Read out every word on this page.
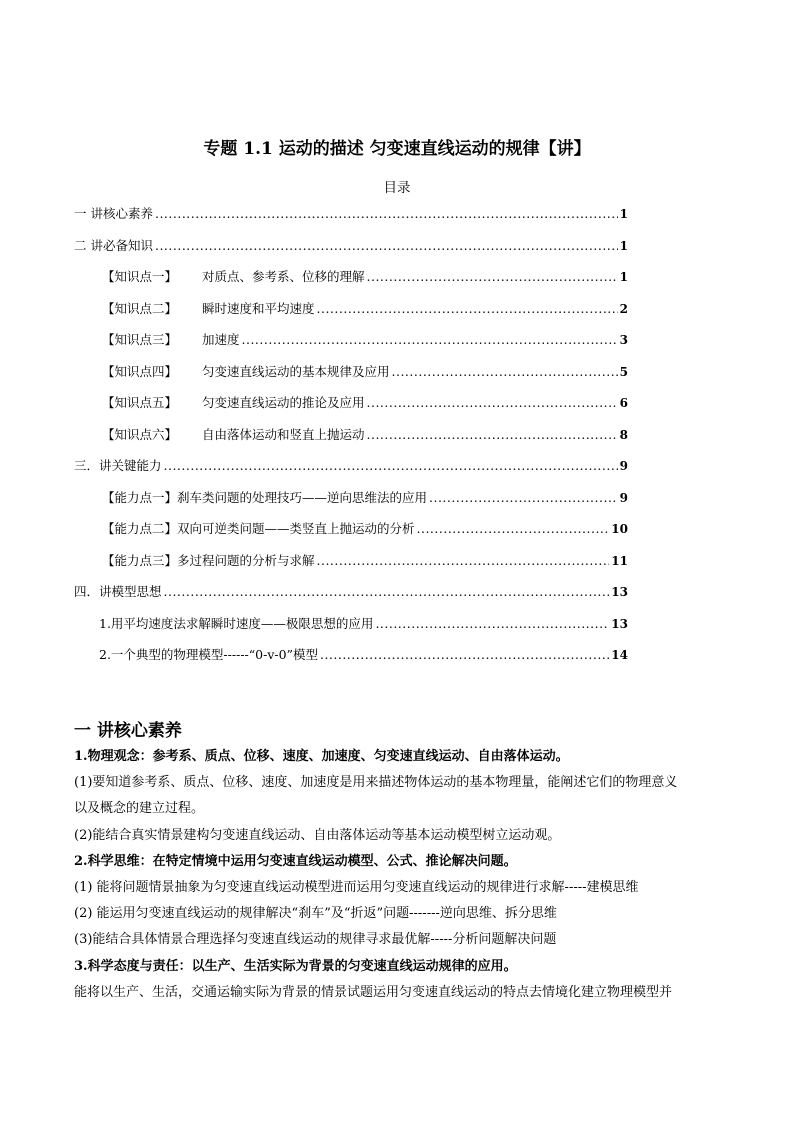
专题 1.1 运动的描述 匀变速直线运动的规律【讲】
目录
一 讲核心素养 .....	1
二 讲必备知识 .....	1
【知识点一】	对质点、参考系、位移的理解 .....	1
【知识点二】	瞬时速度和平均速度 .....	2
【知识点三】	加速度 .....	3
【知识点四】	匀变速直线运动的基本规律及应用 .....	5
【知识点五】	匀变速直线运动的推论及应用 .....	6
【知识点六】	自由落体运动和竖直上抛运动 .....	8
三．讲关键能力 .....	9
【能力点一】刹车类问题的处理技巧——逆向思维法的应用 .....	9
【能力点二】双向可逆类问题——类竖直上抛运动的分析 .....	10
【能力点三】多过程问题的分析与求解 .....	11
四．讲模型思想 .....	13
1.用平均速度法求解瞬时速度——极限思想的应用 .....	13
2.一个典型的物理模型------“0-v-0”模型 .....	14
一 讲核心素养

1.物理观念：参考系、质点、位移、速度、加速度、匀变速直线运动、自由落体运动。

(1)要知道参考系、质点、位移、速度、加速度是用来描述物体运动的基本物理量，能阐述它们的物理意义

以及概念的建立过程。

(2)能结合真实情景建构匀变速直线运动、自由落体运动等基本运动模型树立运动观。

2.科学思维：在特定情境中运用匀变速直线运动模型、公式、推论解决问题。

(1) 能将问题情景抽象为匀变速直线运动模型进而运用匀变速直线运动的规律进行求解-----建模思维

(2) 能运用匀变速直线运动的规律解决“刹车”及“折返”问题-------逆向思维、拆分思维

(3)能结合具体情景合理选择匀变速直线运动的规律寻求最优解-----分析问题解决问题

3.科学态度与责任：以生产、生活实际为背景的匀变速直线运动规律的应用。

能将以生产、生活，交通运输实际为背景的情景试题运用匀变速直线运动的特点去情境化建立物理模型并
